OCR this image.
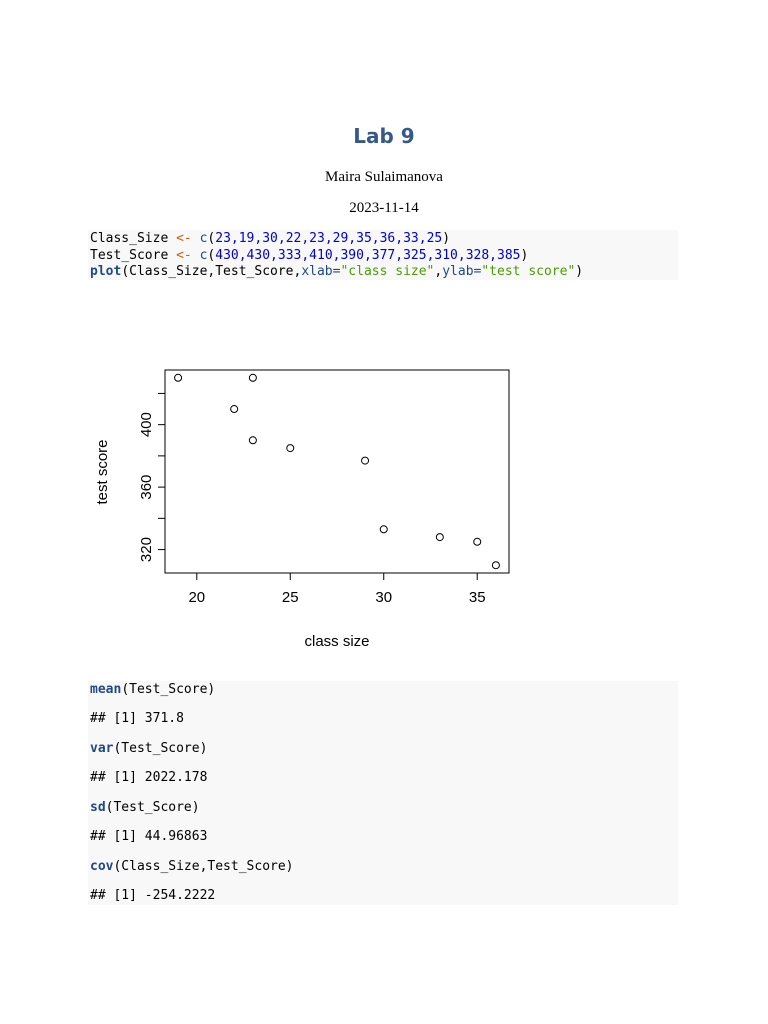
Lab 9
Maira Sulaimanova
2023-11-14
Class_Size <- c(23,19,30,22,23,29,35,36,33,25)
Test_Score <- c(430,430,333,410,390,377,325,310,328,385)
plot(Class_Size,Test_Score,xlab="class size",ylab="test score")
20	25	30	35
320
360
400
class size
test score
mean(Test_Score)
## [1] 371.8
var(Test_Score)
## [1] 2022.178
sd(Test_Score)
## [1] 44.96863
cov(Class_Size,Test_Score)
## [1] -254.2222
